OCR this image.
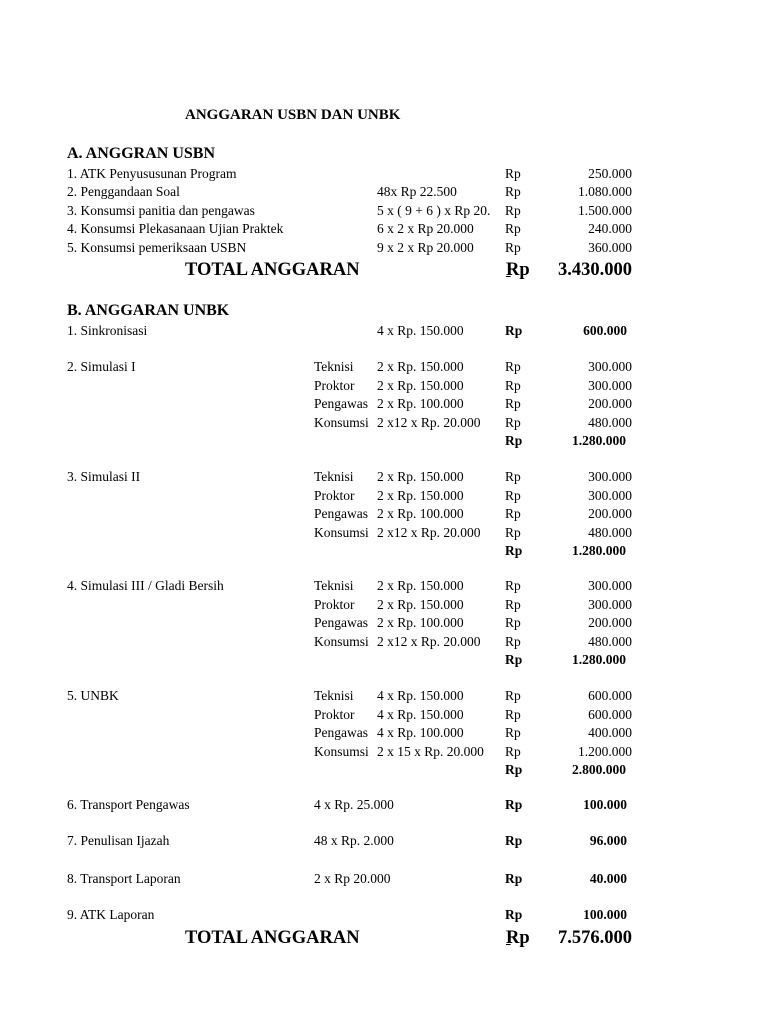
ANGGARAN USBN DAN UNBK
A. ANGGRAN USBN
1. ATK Penyususunan Program	Rp	250.000
2. Penggandaan Soal	48x Rp 22.500	Rp	1.080.000
3. Konsumsi panitia dan pengawas	5 x ( 9 + 6 ) x Rp 20. Rp	1.500.000
4. Konsumsi Plekasanaan Ujian Praktek	6 x 2 x Rp 20.000 Rp	240.000
5. Konsumsi pemeriksaan USBN	9 x 2 x Rp 20.000 Rp	360.000
TOTAL ANGGARAN	Rp 3.430.000

B. ANGGARAN UNBK
1. Sinkronisasi	4 x Rp. 150.000	Rp	600.000
2. Simulasi I	Teknisi 2 x Rp. 150.000	Rp	300.000
Proktor 2 x Rp. 150.000	Rp	300.000
Pengawas 2 x Rp. 100.000	Rp	200.000
Konsumsi 2 x12 x Rp. 20.000 Rp	480.000
Rp	1.280.000
3. Simulasi II	Teknisi 2 x Rp. 150.000	Rp	300.000
Proktor 2 x Rp. 150.000	Rp	300.000
Pengawas 2 x Rp. 100.000	Rp	200.000
Konsumsi 2 x12 x Rp. 20.000 Rp	480.000
Rp	1.280.000
4. Simulasi III / Gladi Bersih	Teknisi 2 x Rp. 150.000	Rp	300.000
Proktor 2 x Rp. 150.000	Rp	300.000
Pengawas 2 x Rp. 100.000	Rp	200.000
Konsumsi 2 x12 x Rp. 20.000 Rp	480.000
Rp	1.280.000
5. UNBK	Teknisi 4 x Rp. 150.000	Rp	600.000
Proktor 4 x Rp. 150.000	Rp	600.000
Pengawas 4 x Rp. 100.000	Rp	400.000
Konsumsi 2 x 15 x Rp. 20.000 Rp	1.200.000
Rp	2.800.000
6. Transport Pengawas	4 x Rp. 25.000	Rp	100.000
7. Penulisan Ijazah	48 x Rp. 2.000	Rp	96.000
8. Transport Laporan	2 x Rp 20.000	Rp	40.000
9. ATK Laporan	Rp	100.000
TOTAL ANGGARAN	Rp 7.576.000
